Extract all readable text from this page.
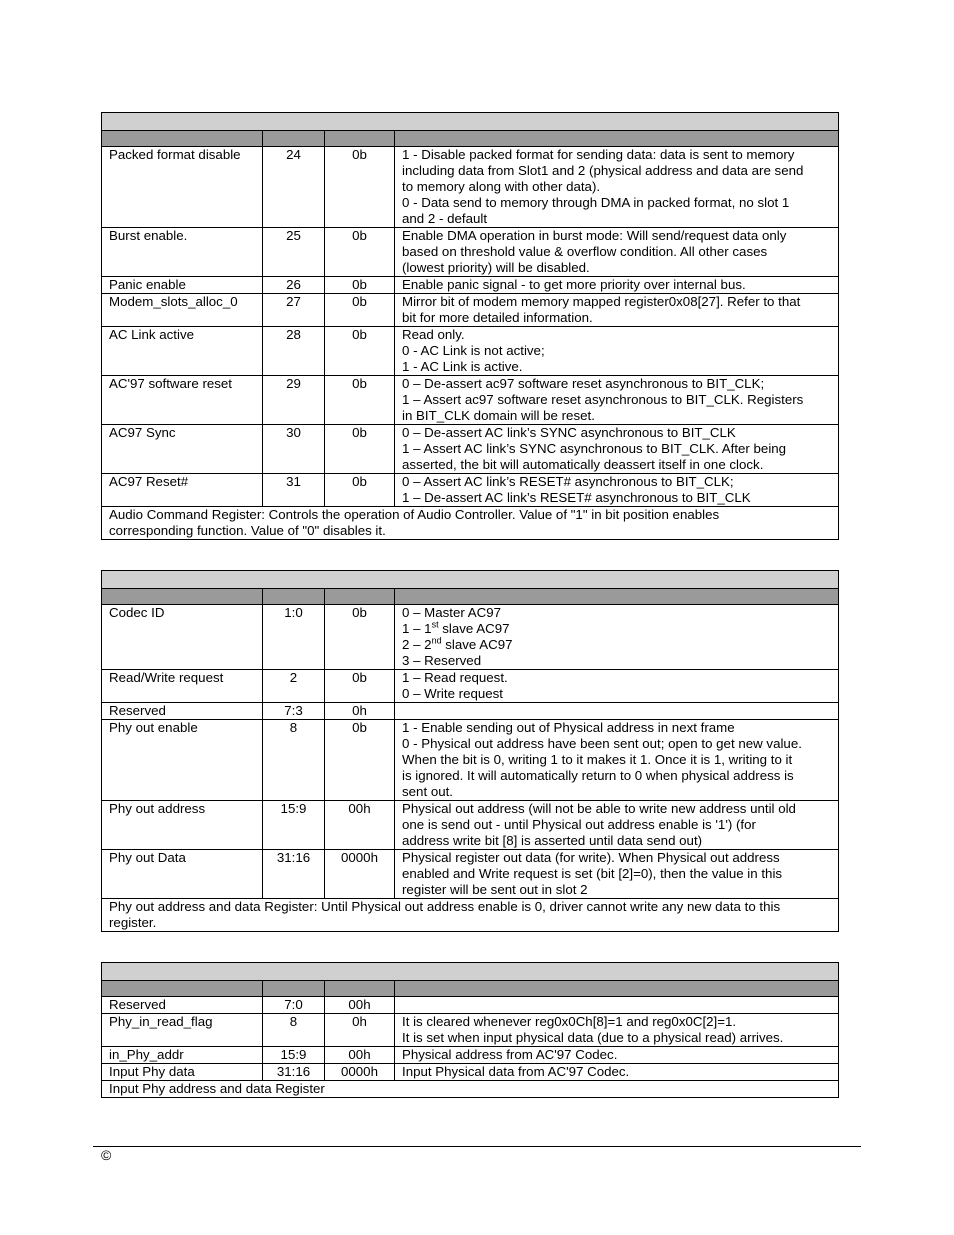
Packed format disable	24	0b	1 - Disable packed format for sending data: data is sent to memory
including data from Slot1 and 2 (physical address and data are send
to memory along with other data).
0 - Data send to memory through DMA in packed format, no slot 1
and 2 - default

Burst enable.	25	0b	Enable DMA operation in burst mode: Will send/request data only
based on threshold value & overflow condition. All other cases
(lowest priority) will be disabled.

Panic enable	26	0b	Enable panic signal - to get more priority over internal bus.

Modem_slots_alloc_0	27	0b	Mirror bit of modem memory mapped register0x08[27]. Refer to that
bit for more detailed information.

AC Link active	28	0b	Read only.
0 - AC Link is not active;
1 - AC Link is active.

AC'97 software reset	29	0b	0 – De-assert ac97 software reset asynchronous to BIT_CLK;
1 – Assert ac97 software reset asynchronous to BIT_CLK. Registers
in BIT_CLK domain will be reset.

AC97 Sync	30	0b	0 – De-assert AC link’s SYNC asynchronous to BIT_CLK
1 – Assert AC link’s SYNC asynchronous to BIT_CLK. After being
asserted, the bit will automatically deassert itself in one clock.

AC97 Reset#	31	0b	0 – Assert AC link’s RESET# asynchronous to BIT_CLK;
1 – De-assert AC link’s RESET# asynchronous to BIT_CLK

Audio Command Register: Controls the operation of Audio Controller. Value of "1" in bit position enables
corresponding function. Value of "0" disables it.			

Codec ID	1:0	0b	0 – Master AC97
1 – 1st slave AC97
2 – 2nd slave AC97
3 – Reserved

Read/Write request	2	0b	1 – Read request.
0 – Write request

Reserved	7:3	0h	
Phy out enable	8	0b	1 - Enable sending out of Physical address in next frame
0 - Physical out address have been sent out; open to get new value.
When the bit is 0, writing 1 to it makes it 1. Once it is 1, writing to it
is ignored. It will automatically return to 0 when physical address is
sent out.

Phy out address	15:9	00h	Physical out address (will not be able to write new address until old
one is send out - until Physical out address enable is '1') (for
address write bit [8] is asserted until data send out)

Phy out Data	31:16	0000h	Physical register out data (for write). When Physical out address
enabled and Write request is set (bit [2]=0), then the value in this
register will be sent out in slot 2

Phy out address and data Register: Until Physical out address enable is 0, driver cannot write any new data to this
register.			

Reserved	7:0	00h	
Phy_in_read_flag	8	0h	It is cleared whenever reg0x0Ch[8]=1 and reg0x0C[2]=1.
It is set when input physical data (due to a physical read) arrives.

in_Phy_addr	15:9	00h	Physical address from AC'97 Codec.

Input Phy data	31:16	0000h	Input Physical data from AC'97 Codec.

Input Phy address and data Register			
©
